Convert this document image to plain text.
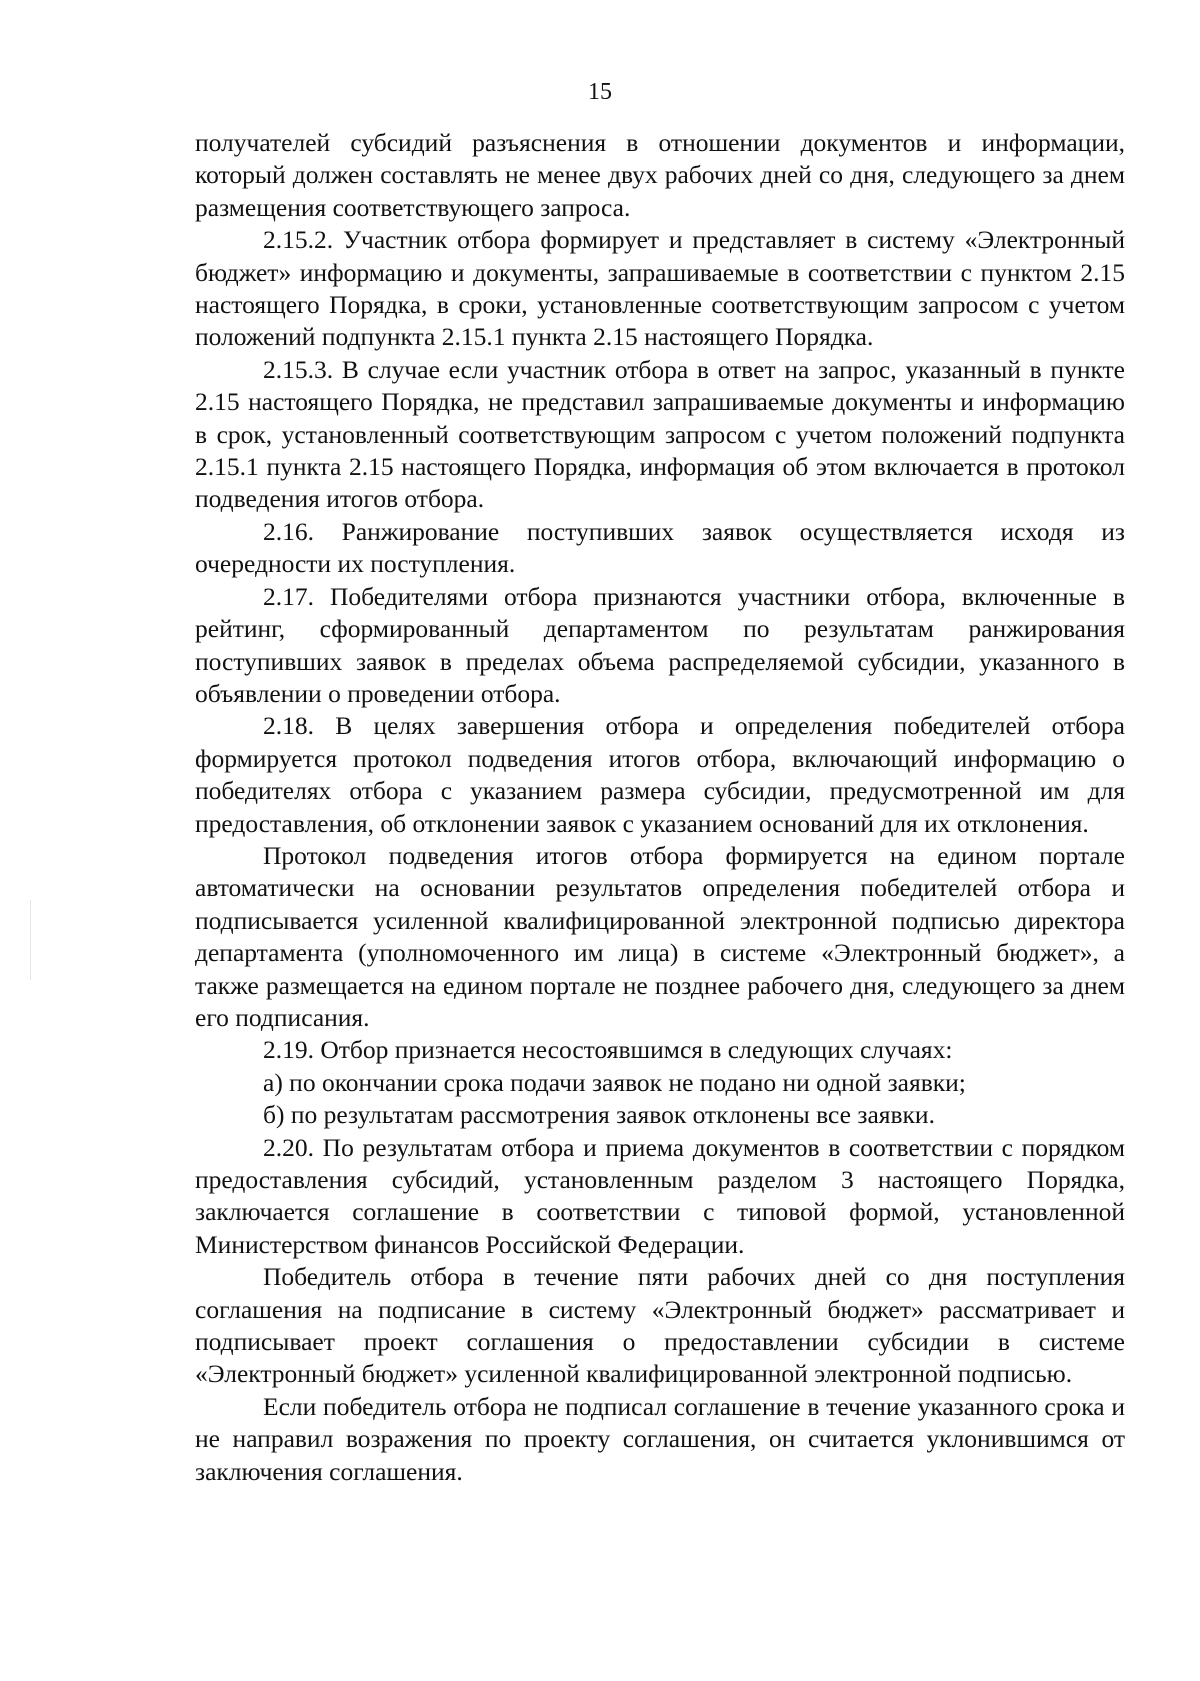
15

получателей субсидий разъяснения в отношении документов и информации, который должен составлять не менее двух рабочих дней со дня, следующего за днем размещения соответствующего запроса.

2.15.2. Участник отбора формирует и представляет в систему «Электронный бюджет» информацию и документы, запрашиваемые в соответствии с пунктом 2.15 настоящего Порядка, в сроки, установленные соответствующим запросом с учетом положений подпункта 2.15.1 пункта 2.15 настоящего Порядка.

2.15.3. В случае если участник отбора в ответ на запрос, указанный в пункте 2.15 настоящего Порядка, не представил запрашиваемые документы и информацию в срок, установленный соответствующим запросом с учетом положений подпункта 2.15.1 пункта 2.15 настоящего Порядка, информация об этом включается в протокол подведения итогов отбора.

2.16. Ранжирование поступивших заявок осуществляется исходя из очередности их поступления.

2.17. Победителями отбора признаются участники отбора, включенные в рейтинг, сформированный департаментом по результатам ранжирования поступивших заявок в пределах объема распределяемой субсидии, указанного в объявлении о проведении отбора.

2.18. В целях завершения отбора и определения победителей отбора формируется протокол подведения итогов отбора, включающий информацию о победителях отбора с указанием размера субсидии, предусмотренной им для предоставления, об отклонении заявок с указанием оснований для их отклонения.

Протокол подведения итогов отбора формируется на едином портале автоматически на основании результатов определения победителей отбора и подписывается усиленной квалифицированной электронной подписью директора департамента (уполномоченного им лица) в системе «Электронный бюджет», а также размещается на едином портале не позднее рабочего дня, следующего за днем его подписания.

2.19. Отбор признается несостоявшимся в следующих случаях:

а) по окончании срока подачи заявок не подано ни одной заявки;

б) по результатам рассмотрения заявок отклонены все заявки.

2.20. По результатам отбора и приема документов в соответствии с порядком предоставления субсидий, установленным разделом 3 настоящего Порядка, заключается соглашение в соответствии с типовой формой, установленной Министерством финансов Российской Федерации.

Победитель отбора в течение пяти рабочих дней со дня поступления соглашения на подписание в систему «Электронный бюджет» рассматривает и подписывает проект соглашения о предоставлении субсидии в системе «Электронный бюджет» усиленной квалифицированной электронной подписью.

Если победитель отбора не подписал соглашение в течение указанного срока и не направил возражения по проекту соглашения, он считается уклонившимся от заключения соглашения.
